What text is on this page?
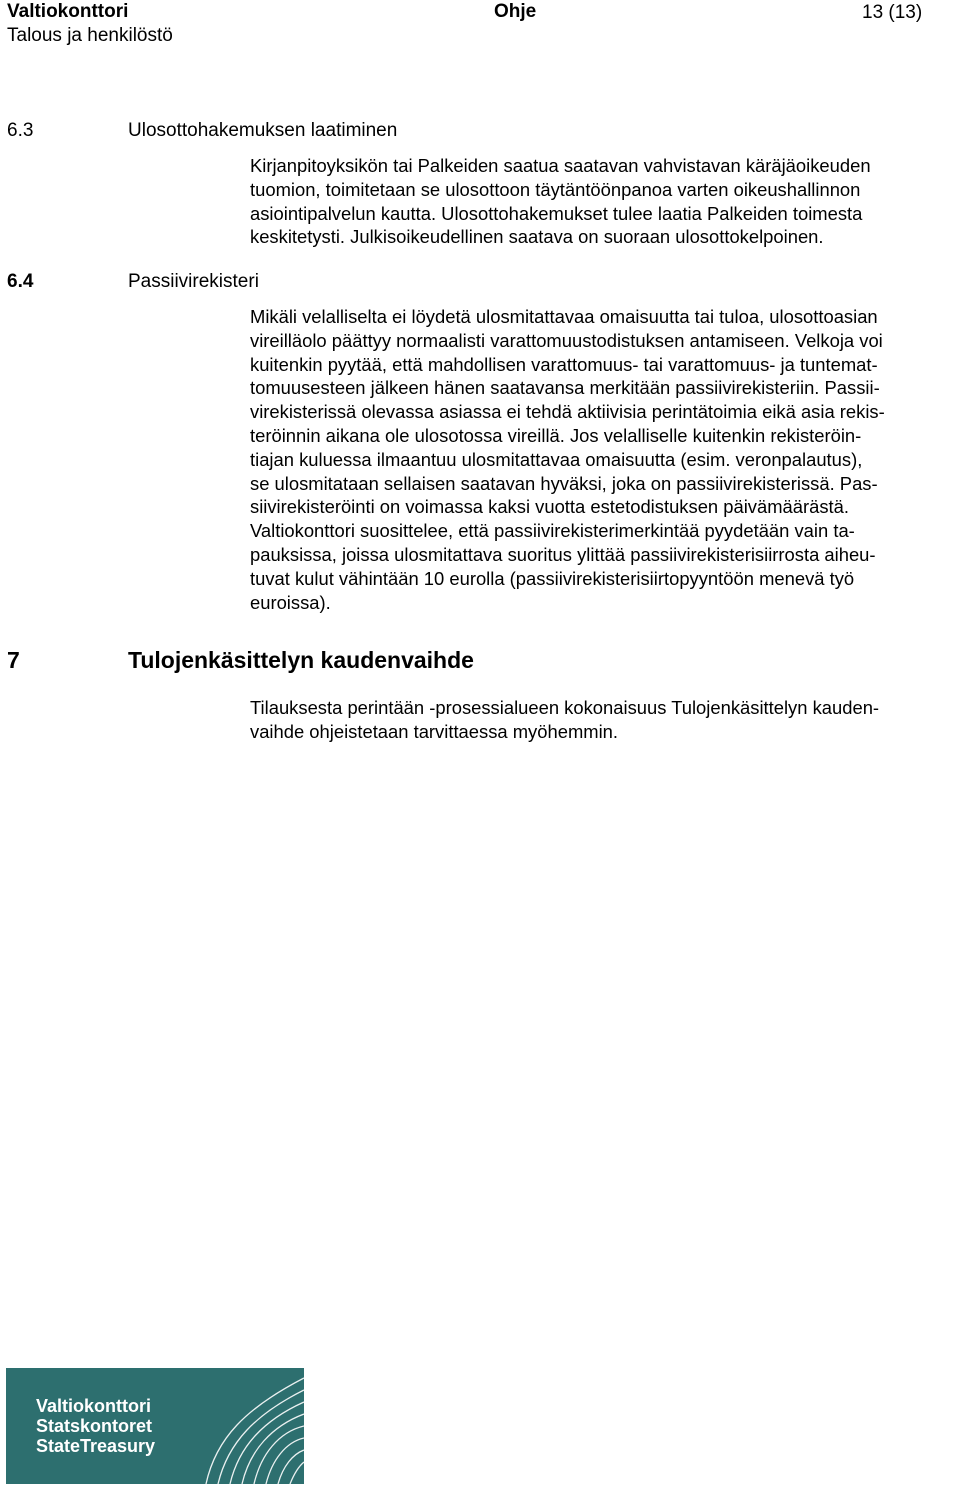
Valtiokonttori	Ohje	13 (13)
Talous ja henkilöstö
6.3	Ulosottohakemuksen laatiminen
Kirjanpitoyksikön tai Palkeiden saatua saatavan vahvistavan käräjäoikeuden
tuomion, toimitetaan se ulosottoon täytäntöönpanoa varten oikeushallinnon
asiointipalvelun kautta. Ulosottohakemukset tulee laatia Palkeiden toimesta
keskitetysti. Julkisoikeudellinen saatava on suoraan ulosottokelpoinen.
6.4	Passiivirekisteri
Mikäli velalliselta ei löydetä ulosmitattavaa omaisuutta tai tuloa, ulosottoasian
vireilläolo päättyy normaalisti varattomuustodistuksen antamiseen. Velkoja voi
kuitenkin pyytää, että mahdollisen varattomuus- tai varattomuus- ja tuntemat-
tomuusesteen jälkeen hänen saatavansa merkitään passiivirekisteriin. Passii-
virekisterissä olevassa asiassa ei tehdä aktiivisia perintätoimia eikä asia rekis-
teröinnin aikana ole ulosotossa vireillä. Jos velalliselle kuitenkin rekisteröin-
tiajan kuluessa ilmaantuu ulosmitattavaa omaisuutta (esim. veronpalautus),
se ulosmitataan sellaisen saatavan hyväksi, joka on passiivirekisterissä. Pas-
siivirekisteröinti on voimassa kaksi vuotta estetodistuksen päivämäärästä.
Valtiokonttori suosittelee, että passiivirekisterimerkintää pyydetään vain ta-
pauksissa, joissa ulosmitattava suoritus ylittää passiivirekisterisiirrosta aiheu-
tuvat kulut vähintään 10 eurolla (passiivirekisterisiirtopyyntöön menevä työ
euroissa).
7	Tulojenkäsittelyn kaudenvaihde
Tilauksesta perintään -prosessialueen kokonaisuus Tulojenkäsittelyn kauden-
vaihde ohjeistetaan tarvittaessa myöhemmin.
Valtiokonttori
Statskontoret
StateTreasury
